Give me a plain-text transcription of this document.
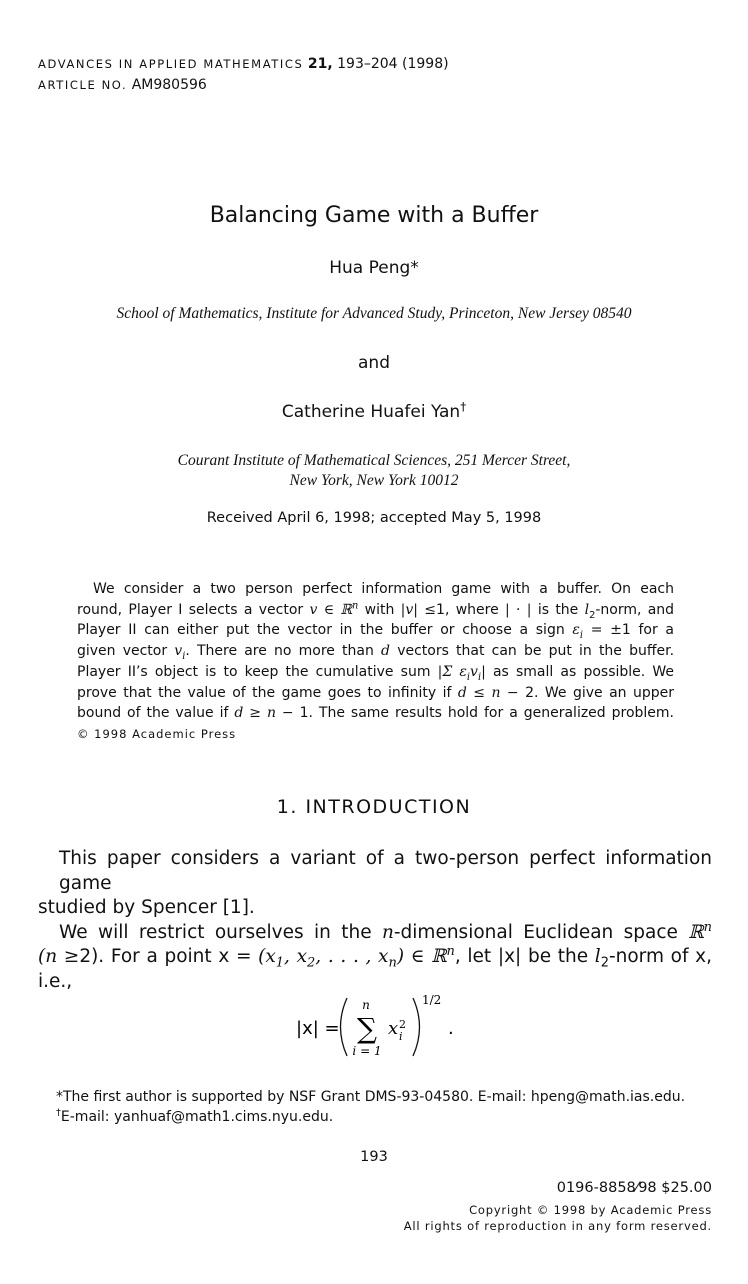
ADVANCES IN APPLIED MATHEMATICS 21, 193–204 (1998)
ARTICLE NO. AM980596
Balancing Game with a Buffer
Hua Peng*
School of Mathematics, Institute for Advanced Study, Princeton, New Jersey 08540
and
Catherine Huafei Yan†
Courant Institute of Mathematical Sciences, 251 Mercer Street,
New York, New York 10012
Received April 6, 1998; accepted May 5, 1998
We consider a two person perfect information game with a buffer. On each
round, Player I selects a vector v ∈ ℝ$^n$ with |v| ≤1, where | · | is the $l_2$-norm, and
Player II can either put the vector in the buffer or choose a sign $\varepsilon_i = \pm 1$ for a
given vector $v_i$. There are no more than d vectors that can be put in the buffer.
Player II’s object is to keep the cumulative sum |Σ $\varepsilon_iv_i|$ as small as possible. We
prove that the value of the game goes to infinity if d ≤ n − 2. We give an upper
bound of the value if d ≥ n − 1. The same results hold for a generalized problem.
© 1998 Academic Press
1. INTRODUCTION
This paper considers a variant of a two-person perfect information game
studied by Spencer [1].
We will restrict ourselves in the n-dimensional Euclidean space ℝ$^n$
(n ≥2). For a point $x = (x_1$, $x_2$, . . . , $x_n$) ∈ ℝ$^n$, let |x| be the $l_2$-norm of x,
i.e.,
|x| =
n
∑
i = 1
x 2
i
1/2
.
*The first author is supported by NSF Grant DMS-93-04580. E-mail: hpeng@math.ias.edu.
†E-mail: yanhuaf@math1.cims.nyu.edu.
193
0196-8858⁄98 $25.00
Copyright © 1998 by Academic Press
All rights of reproduction in any form reserved.
